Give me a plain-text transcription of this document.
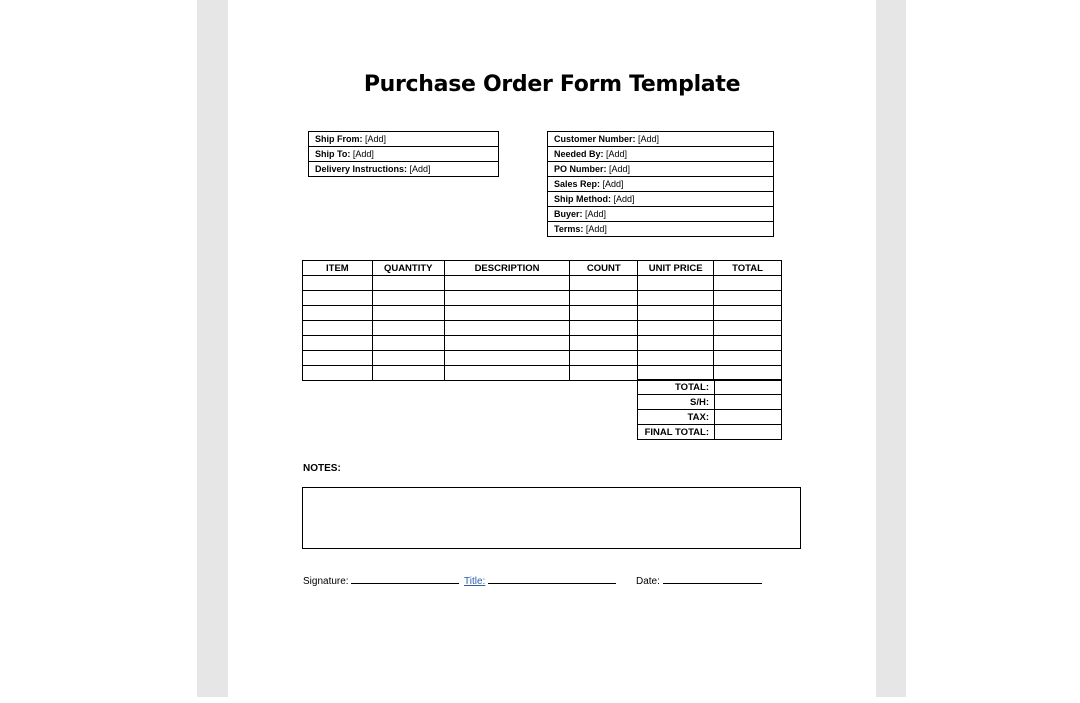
Purchase Order Form Template
Ship From: [Add]
Ship To: [Add]
Delivery Instructions: [Add]
Customer Number: [Add]
Needed By: [Add]
PO Number: [Add]
Sales Rep: [Add]
Ship Method: [Add]
Buyer: [Add]
Terms: [Add]
ITEM	QUANTITY	DESCRIPTION	COUNT	UNIT PRICE	TOTAL

TOTAL:	
S/H:	
TAX:	
FINAL TOTAL:	
NOTES:
Signature:	Title:	Date:
